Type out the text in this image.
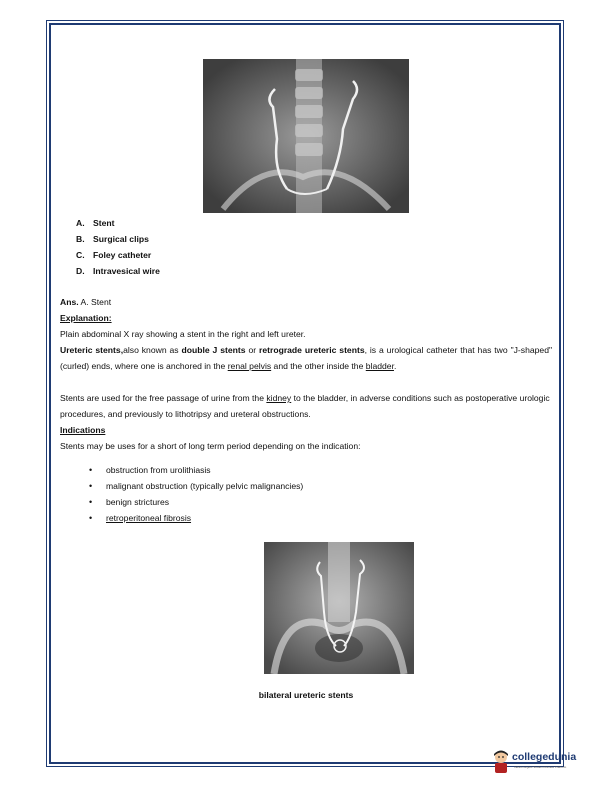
A. Stent
B. Surgical clips
C. Foley catheter
D. Intravesical wire

Ans. A. Stent

Explanation:

Plain abdominal X ray showing a stent in the right and left ureter.

Ureteric stents,also known as double J stents or retrograde ureteric stents, is a urological catheter that has two "J-shaped" (curled) ends, where one is anchored in the renal pelvis and the other inside the bladder.

Stents are used for the free passage of urine from the kidney to the bladder, in adverse conditions such as postoperative urologic procedures, and previously to lithotripsy and ureteral obstructions.

Indications

Stents may be uses for a short of long term period depending on the indication:

• obstruction from urolithiasis
• malignant obstruction (typically pelvic malignancies)
• benign strictures
• retroperitoneal fibrosis
bilateral ureteric stents
collegedunia
India's largest Student Review Platform
